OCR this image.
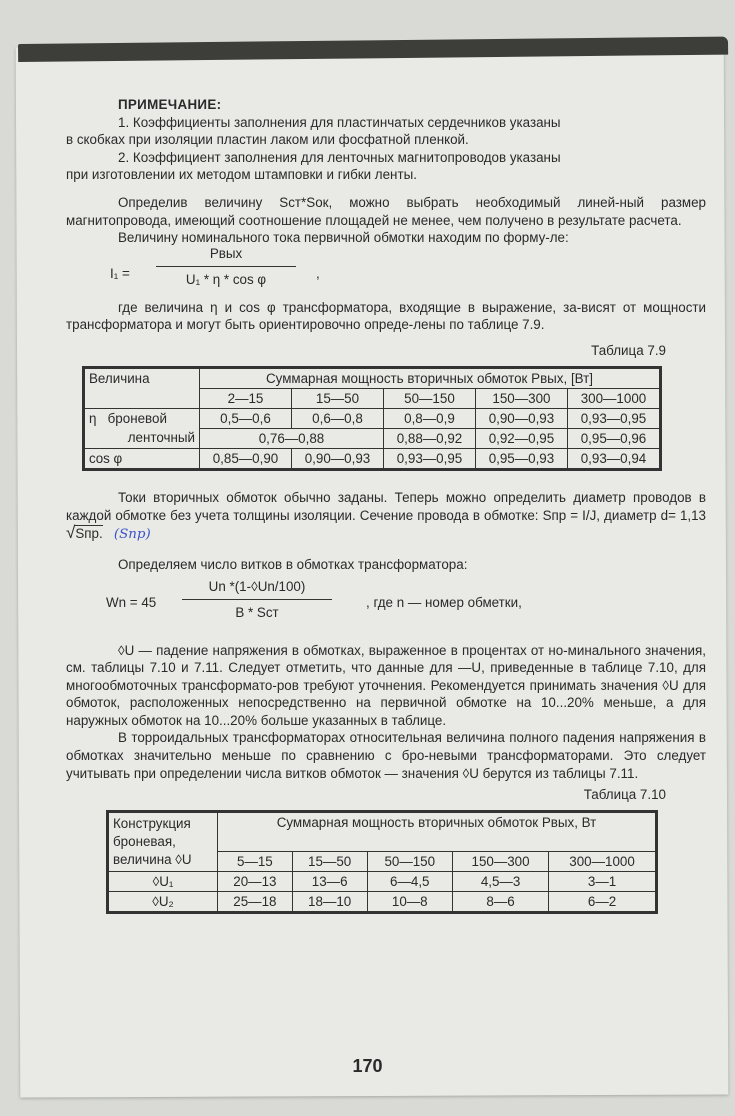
ПРИМЕЧАНИЕ:

1. Коэффициенты заполнения для пластинчатых сердечников указаны
в скобках при изоляции пластин лаком или фосфатной пленкой.

2. Коэффициент заполнения для ленточных магнитопроводов указаны
при изготовлении их методом штамповки и гибки ленты.

Определив величину Sст*Sок, можно выбрать необходимый линей-ный размер магнитопровода, имеющий соотношение площадей не менее, чем получено в результате расчета.

Величину номинального тока первичной обмотки находим по форму-ле:

I₁ =
Рвых
U₁ * η * cos φ	,

где величина η и cos φ трансформатора, входящие в выражение, за-висят от мощности трансформатора и могут быть ориентировочно опреде-лены по таблице 7.9.

Таблица 7.9
Величина	Суммарная мощность вторичных обмоток Рвых, [Вт]				
	2—15	15—50	50—150	150—300	300—1000
η броневой	0,5—0,6	0,6—0,8	0,8—0,9	0,90—0,93	0,93—0,95
ленточный	0,76—0,88		0,88—0,92	0,92—0,95	0,95—0,96
cos φ	0,85—0,90	0,90—0,93	0,93—0,95	0,95—0,93	0,93—0,94

Токи вторичных обмоток обычно заданы. Теперь можно определить диаметр проводов в каждой обмотке без учета толщины изоляции. Сечение провода в обмотке: Sпр = I/J, диаметр d= 1,13 √Sпр. (Sпр)

Определяем число витков в обмотках трансформатора:

Wn = 45
Un *(1-◊Un/100)
B * Sст
, где n — номер обметки,

◊U — падение напряжения в обмотках, выраженное в процентах от но-минального значения, см. таблицы 7.10 и 7.11. Следует отметить, что данные для —U, приведенные в таблице 7.10, для многообмоточных трансформато-ров требуют уточнения. Рекомендуется принимать значения ◊U для обмоток, расположенных непосредственно на первичной обмотке на 10...20% меньше, а для наружных обмоток на 10...20% больше указанных в таблице.

В торроидальных трансформаторах относительная величина полного падения напряжения в обмотках значительно меньше по сравнению с бро-невыми трансформаторами. Это следует учитывать при определении числа витков обмоток — значения ◊U берутся из таблицы 7.11.

Таблица 7.10
Конструкция броневая, величина ◊U	Суммарная мощность вторичных обмоток Рвых, Вт				
	5—15	15—50	50—150	150—300	300—1000
◊U₁	20—13	13—6	6—4,5	4,5—3	3—1
◊U₂	25—18	18—10	10—8	8—6	6—2
170
